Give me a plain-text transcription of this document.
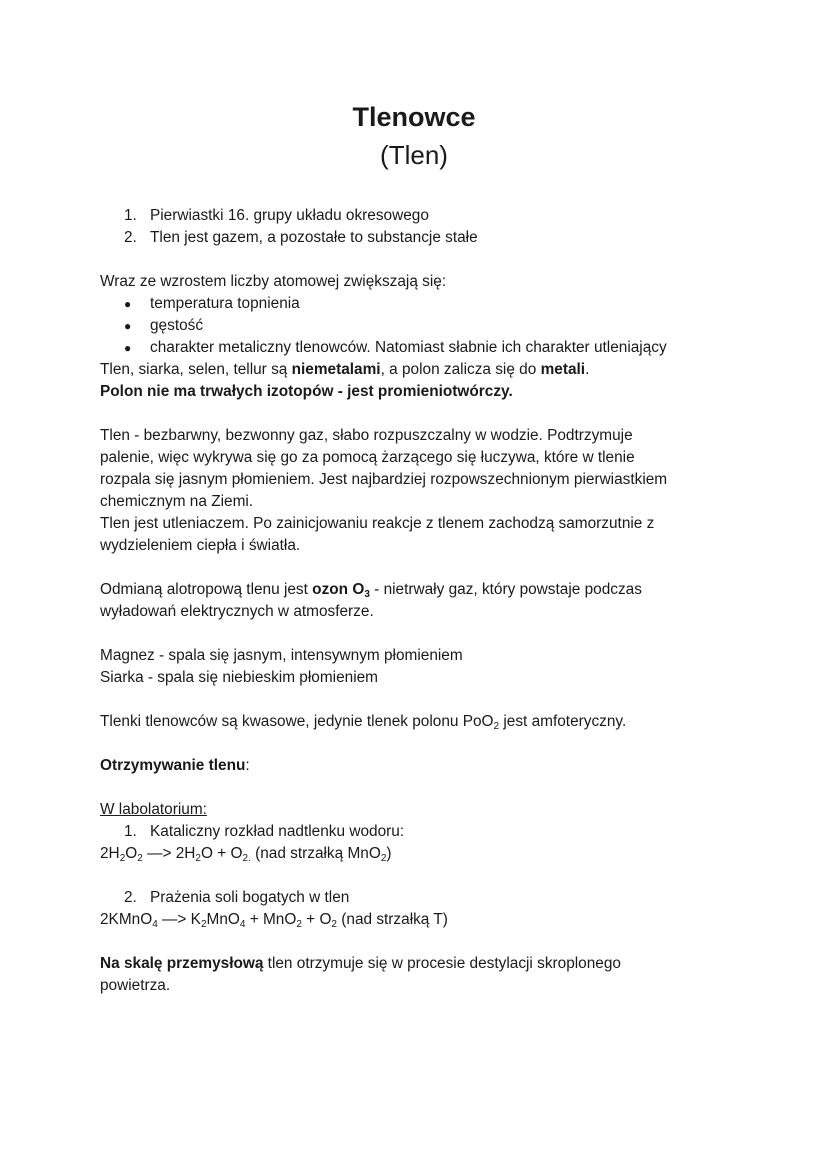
Tlenowce

(Tlen)

1. Pierwiastki 16. grupy układu okresowego
2. Tlen jest gazem, a pozostałe to substancje stałe

Wraz ze wzrostem liczby atomowej zwiększają się:

●	temperatura topnienia
●	gęstość
●	charakter metaliczny tlenowców. Natomiast słabnie ich charakter utleniający

Tlen, siarka, selen, tellur są niemetalami, a polon zalicza się do metali.

Polon nie ma trwałych izotopów - jest promieniotwórczy.

Tlen - bezbarwny, bezwonny gaz, słabo rozpuszczalny w wodzie. Podtrzymuje

palenie, więc wykrywa się go za pomocą żarzącego się łuczywa, które w tlenie

rozpala się jasnym płomieniem. Jest najbardziej rozpowszechnionym pierwiastkiem

chemicznym na Ziemi.

Tlen jest utleniaczem. Po zainicjowaniu reakcje z tlenem zachodzą samorzutnie z

wydzieleniem ciepła i światła.

Odmianą alotropową tlenu jest ozon $O_3$ - nietrwały gaz, który powstaje podczas

wyładowań elektrycznych w atmosferze.

Magnez - spala się jasnym, intensywnym płomieniem

Siarka - spala się niebieskim płomieniem

Tlenki tlenowców są kwasowe, jedynie tlenek polonu PoO$_2$ jest amfoteryczny.

Otrzymywanie tlenu:

W labolatorium:

1. Kataliczny rozkład nadtlenku wodoru:

$2H_2O_2$ —> $2H_2O + O_{2.}$ (nad strzałką MnO$_2$)

2. Prażenia soli bogatych w tlen

2KMnO$_4$ —> $K_2MnO_4 + MnO_2 + O_2$ (nad strzałką T)

Na skalę przemysłową tlen otrzymuje się w procesie destylacji skroplonego

powietrza.
